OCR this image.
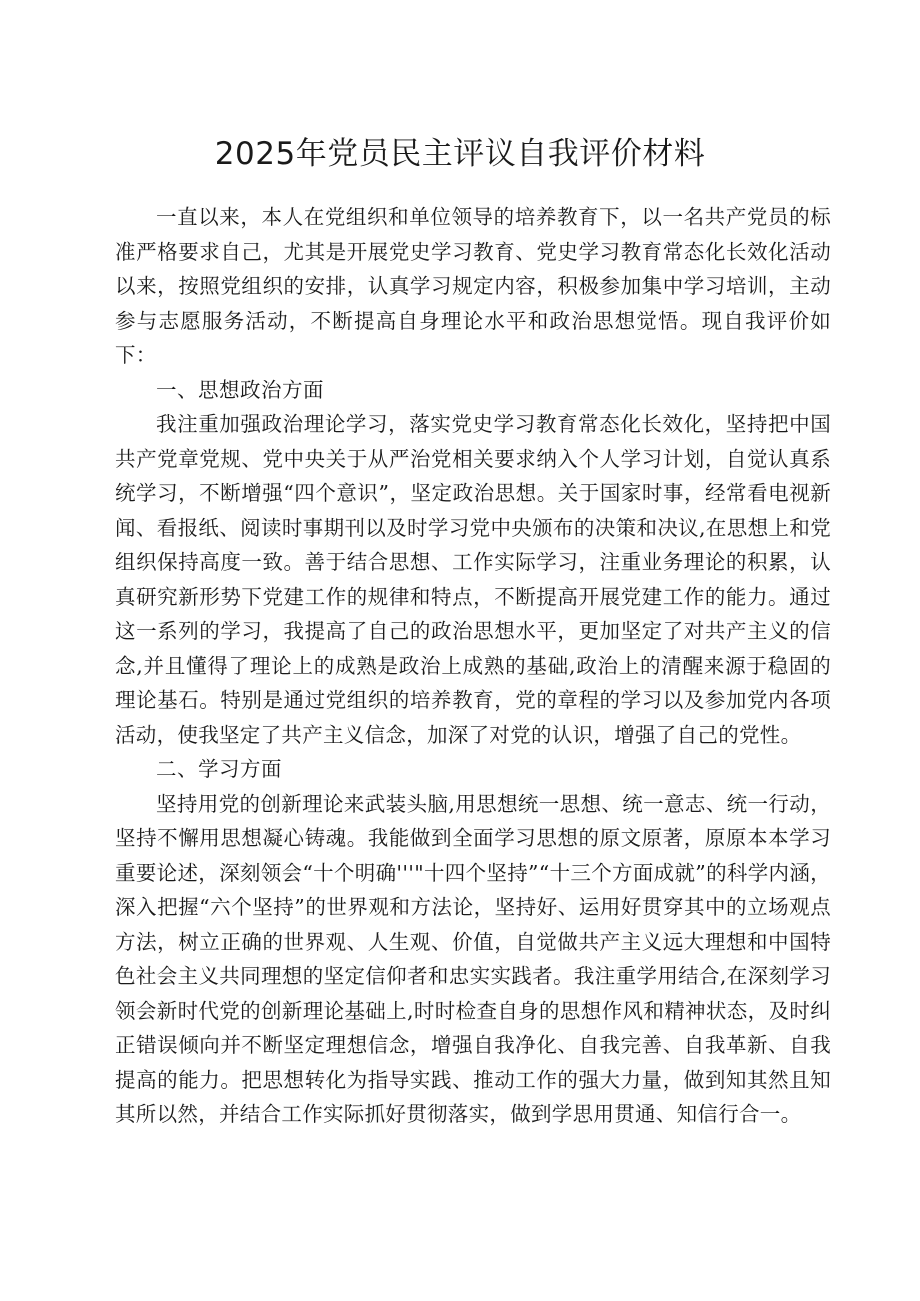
2025年党员民主评议自我评价材料

一直以来，本人在党组织和单位领导的培养教育下，以一名共产党员的标准严格要求自己，尤其是开展党史学习教育、党史学习教育常态化长效化活动以来，按照党组织的安排，认真学习规定内容，积极参加集中学习培训，主动参与志愿服务活动，不断提高自身理论水平和政治思想觉悟。现自我评价如下：

一、思想政治方面

我注重加强政治理论学习，落实党史学习教育常态化长效化，坚持把中国共产党章党规、党中央关于从严治党相关要求纳入个人学习计划，自觉认真系统学习，不断增强“四个意识”，坚定政治思想。关于国家时事，经常看电视新闻、看报纸、阅读时事期刊以及时学习党中央颁布的决策和决议,在思想上和党组织保持高度一致。善于结合思想、工作实际学习，注重业务理论的积累，认真研究新形势下党建工作的规律和特点，不断提高开展党建工作的能力。通过这一系列的学习，我提高了自己的政治思想水平，更加坚定了对共产主义的信念,并且懂得了理论上的成熟是政治上成熟的基础,政治上的清醒来源于稳固的理论基石。特别是通过党组织的培养教育，党的章程的学习以及参加党内各项活动，使我坚定了共产主义信念，加深了对党的认识，增强了自己的党性。

二、学习方面

坚持用党的创新理论来武装头脑,用思想统一思想、统一意志、统一行动，坚持不懈用思想凝心铸魂。我能做到全面学习思想的原文原著，原原本本学习重要论述，深刻领会“十个明确'''"十四个坚持”“十三个方面成就”的科学内涵，深入把握“六个坚持”的世界观和方法论，坚持好、运用好贯穿其中的立场观点方法，树立正确的世界观、人生观、价值，自觉做共产主义远大理想和中国特色社会主义共同理想的坚定信仰者和忠实实践者。我注重学用结合,在深刻学习领会新时代党的创新理论基础上,时时检查自身的思想作风和精神状态，及时纠正错误倾向并不断坚定理想信念，增强自我净化、自我完善、自我革新、自我提高的能力。把思想转化为指导实践、推动工作的强大力量，做到知其然且知其所以然，并结合工作实际抓好贯彻落实，做到学思用贯通、知信行合一。
